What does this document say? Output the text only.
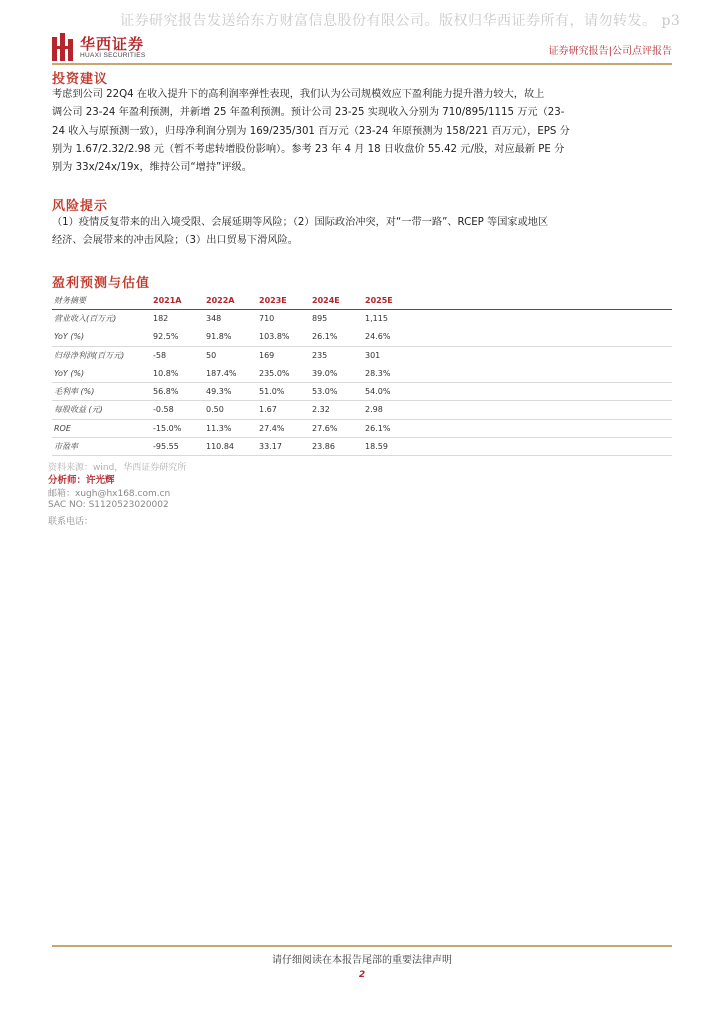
证券研究报告发送给东方财富信息股份有限公司。版权归华西证券所有，请勿转发。 p3
华西证券
HUAXI SECURITIES	证券研究报告|公司点评报告
投资建议
考虑到公司 22Q4 在收入提升下的高利润率弹性表现，我们认为公司规模效应下盈利能力提升潜力较大，故上
调公司 23-24 年盈利预测，并新增 25 年盈利预测。预计公司 23-25 实现收入分别为 710/895/1115 万元（23-
24 收入与原预测一致），归母净利润分别为 169/235/301 百万元（23-24 年原预测为 158/221 百万元），EPS 分
别为 1.67/2.32/2.98 元（暂不考虑转增股份影响）。参考 23 年 4 月 18 日收盘价 55.42 元/股，对应最新 PE 分
别为 33x/24x/19x，维持公司“增持”评级。
风险提示
（1）疫情反复带来的出入境受限、会展延期等风险；（2）国际政治冲突，对“一带一路”、RCEP 等国家或地区
经济、会展带来的冲击风险；（3）出口贸易下滑风险。
盈利预测与估值
财务摘要	2021A	2022A	2023E	2024E	2025E
营业收入(百万元)	182	348	710	895	1,115
YoY (%)	92.5%	91.8%	103.8%	26.1%	24.6%
归母净利润(百万元)	-58	50	169	235	301
YoY (%)	10.8%	187.4%	235.0%	39.0%	28.3%
毛利率 (%)	56.8%	49.3%	51.0%	53.0%	54.0%
每股收益 (元)	-0.58	0.50	1.67	2.32	2.98
ROE	-15.0%	11.3%	27.4%	27.6%	26.1%
市盈率	-95.55	110.84	33.17	23.86	18.59
资料来源：wind，华西证券研究所
分析师：许光辉
邮箱：xugh@hx168.com.cn
SAC NO: S1120523020002
联系电话：
请仔细阅读在本报告尾部的重要法律声明
2
